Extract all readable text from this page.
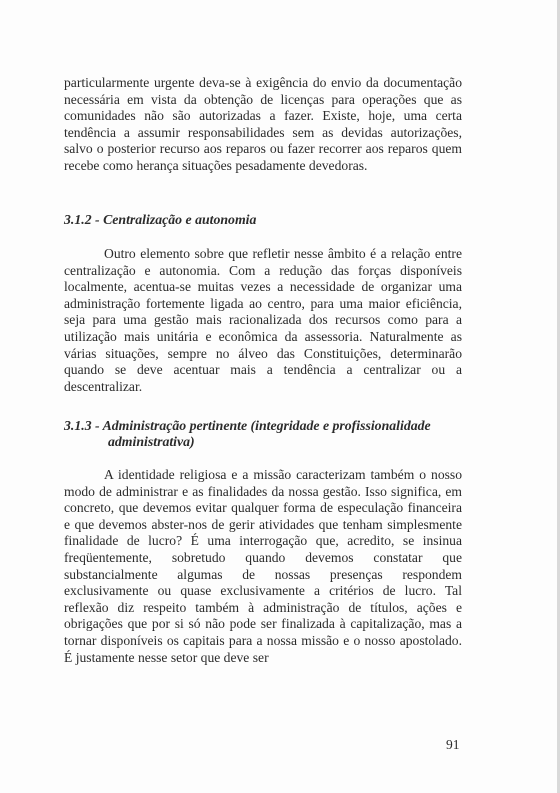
particularmente urgente deva-se à exigência do envio da documentação necessária em vista da obtenção de licenças para operações que as comunidades não são autorizadas a fazer. Existe, hoje, uma certa tendência a assumir responsabilidades sem as devidas autorizações, salvo o posterior recurso aos reparos ou fazer recorrer aos reparos quem recebe como herança situações pesadamente devedoras.

3.1.2 - Centralização e autonomia

Outro elemento sobre que refletir nesse âmbito é a relação entre centralização e autonomia. Com a redução das forças disponíveis localmente, acentua-se muitas vezes a necessidade de organizar uma administração fortemente ligada ao centro, para uma maior eficiência, seja para uma gestão mais racionalizada dos recursos como para a utilização mais unitária e econômica da assessoria. Naturalmente as várias situações, sempre no álveo das Constituições, determinarão quando se deve acentuar mais a tendência a centralizar ou a descentralizar.

3.1.3 - Administração pertinente (integridade e profissionalidade
administrativa)

A identidade religiosa e a missão caracterizam também o nosso modo de administrar e as finalidades da nossa gestão. Isso significa, em concreto, que devemos evitar qualquer forma de especulação financeira e que devemos abster-nos de gerir atividades que tenham simplesmente finalidade de lucro? É uma interrogação que, acredito, se insinua freqüentemente, sobretudo quando devemos constatar que substancialmente algumas de nossas presenças respondem exclusivamente ou quase exclusivamente a critérios de lucro. Tal reflexão diz respeito também à administração de títulos, ações e obrigações que por si só não pode ser finalizada à capitalização, mas a tornar disponíveis os capitais para a nossa missão e o nosso apostolado. É justamente nesse setor que deve ser

91
